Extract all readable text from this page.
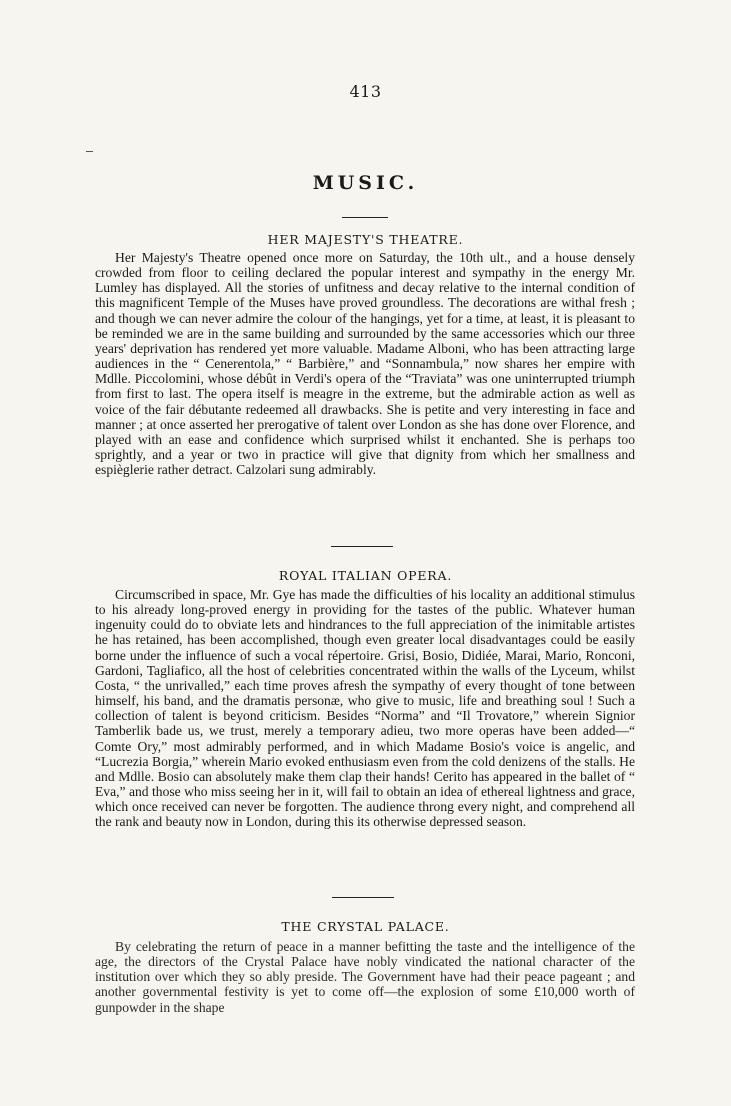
413
MUSIC.
HER MAJESTY'S THEATRE.

Her Majesty's Theatre opened once more on Saturday, the 10th ult., and a house densely crowded from floor to ceiling declared the popular interest and sympathy in the energy Mr. Lumley has displayed. All the stories of unfitness and decay relative to the internal condition of this magnificent Temple of the Muses have proved groundless. The decorations are withal fresh ; and though we can never admire the colour of the hangings, yet for a time, at least, it is pleasant to be reminded we are in the same building and surrounded by the same accessories which our three years' deprivation has rendered yet more valuable. Madame Alboni, who has been attracting large audiences in the “ Cenerentola,” “ Barbière,” and “Sonnambula,” now shares her empire with Mdlle. Piccolomini, whose débût in Verdi's opera of the “Traviata” was one uninterrupted triumph from first to last. The opera itself is meagre in the extreme, but the admirable action as well as voice of the fair débutante redeemed all drawbacks. She is petite and very interesting in face and manner ; at once asserted her prerogative of talent over London as she has done over Florence, and played with an ease and confidence which surprised whilst it enchanted. She is perhaps too sprightly, and a year or two in practice will give that dignity from which her smallness and espièglerie rather detract. Calzolari sung admirably.

ROYAL ITALIAN OPERA.

Circumscribed in space, Mr. Gye has made the difficulties of his locality an additional stimulus to his already long-proved energy in providing for the tastes of the public. Whatever human ingenuity could do to obviate lets and hindrances to the full appreciation of the inimitable artistes he has retained, has been accomplished, though even greater local disadvantages could be easily borne under the influence of such a vocal répertoire. Grisi, Bosio, Didiée, Marai, Mario, Ronconi, Gardoni, Tagliafico, all the host of celebrities concentrated within the walls of the Lyceum, whilst Costa, “ the unrivalled,” each time proves afresh the sympathy of every thought of tone between himself, his band, and the dramatis personæ, who give to music, life and breathing soul ! Such a collection of talent is beyond criticism. Besides “Norma” and “Il Trovatore,” wherein Signior Tamberlik bade us, we trust, merely a temporary adieu, two more operas have been added—“ Comte Ory,” most admirably performed, and in which Madame Bosio's voice is angelic, and “Lucrezia Borgia,” wherein Mario evoked enthusiasm even from the cold denizens of the stalls. He and Mdlle. Bosio can absolutely make them clap their hands! Cerito has appeared in the ballet of “ Eva,” and those who miss seeing her in it, will fail to obtain an idea of ethereal lightness and grace, which once received can never be forgotten. The audience throng every night, and comprehend all the rank and beauty now in London, during this its otherwise depressed season.

THE CRYSTAL PALACE.

By celebrating the return of peace in a manner befitting the taste and the intelligence of the age, the directors of the Crystal Palace have nobly vindicated the national character of the institution over which they so ably preside. The Government have had their peace pageant ; and another governmental festivity is yet to come off—the explosion of some £10,000 worth of gunpowder in the shape
